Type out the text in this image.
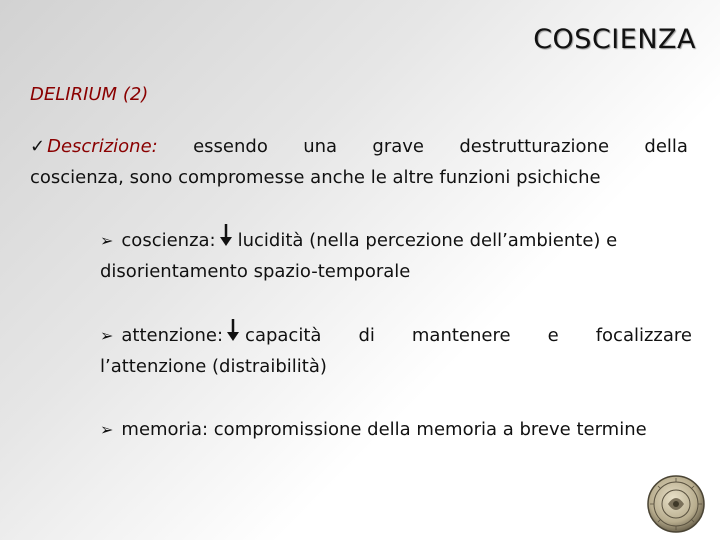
COSCIENZA
DELIRIUM (2)
✓ Descrizione: essendo una grave destrutturazione della
coscienza, sono compromesse anche le altre funzioni psichiche
➢ coscienza: lucidità (nella percezione dell’ambiente) e
disorientamento spazio-temporale
➢ attenzione: capacità di mantenere e focalizzare
l’attenzione (distraibilità)
➢ memoria: compromissione della memoria a breve termine
